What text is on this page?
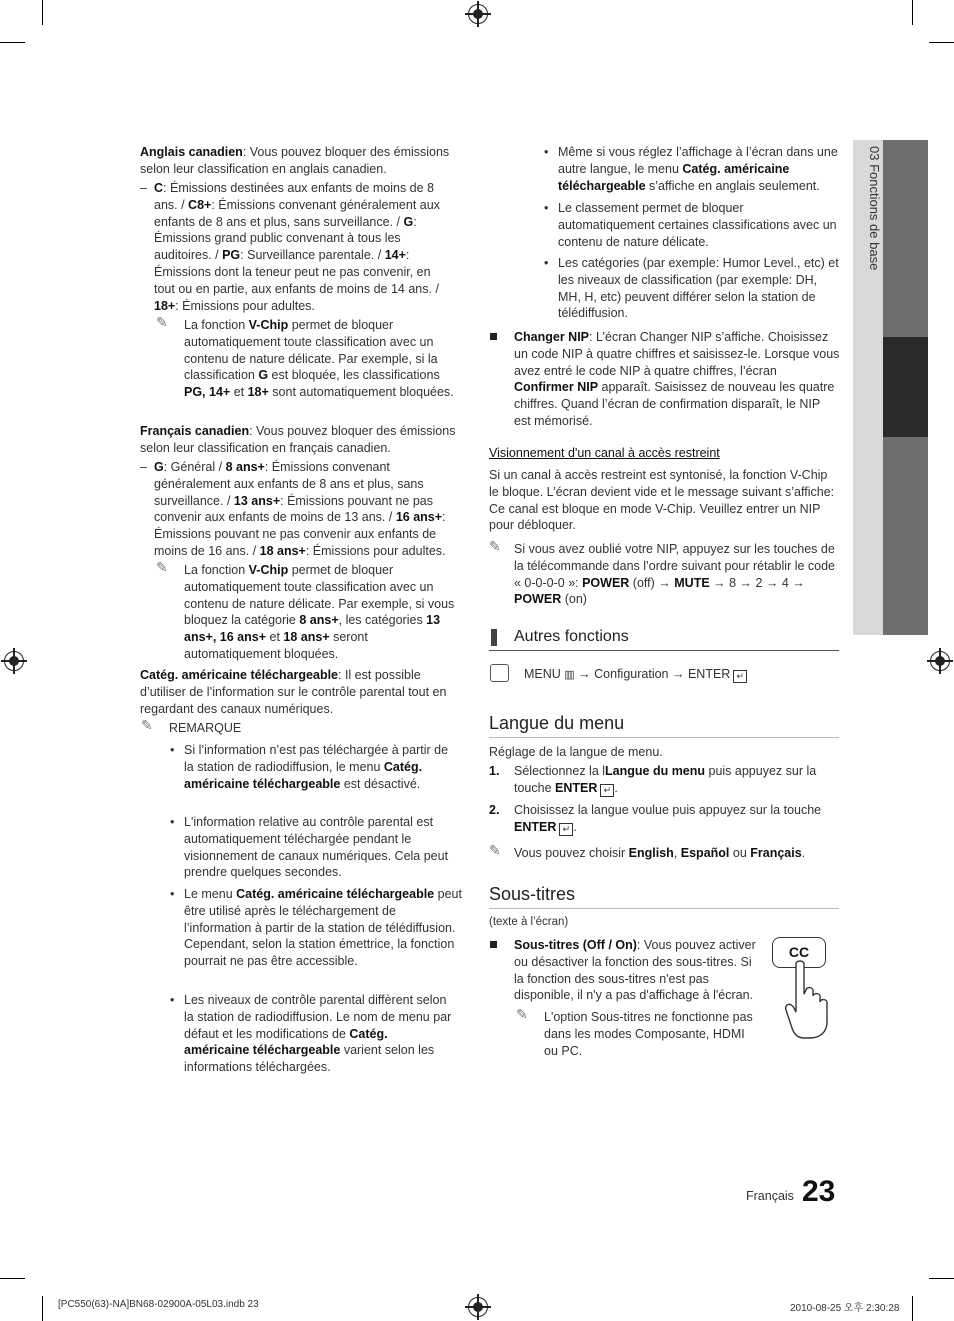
03 Fonctions de base
Anglais canadien: Vous pouvez bloquer des émissions selon leur classification en anglais canadien.
– C: Émissions destinées aux enfants de moins de 8 ans. / C8+: Émissions convenant généralement aux enfants de 8 ans et plus, sans surveillance. / G: Émissions grand public convenant à tous les auditoires. / PG: Surveillance parentale. / 14+: Émissions dont la teneur peut ne pas convenir, en tout ou en partie, aux enfants de moins de 14 ans. / 18+: Émissions pour adultes.
✎ La fonction V-Chip permet de bloquer automatiquement toute classification avec un contenu de nature délicate. Par exemple, si la classification G est bloquée, les classifications PG, 14+ et 18+ sont automatiquement bloquées.
Français canadien: Vous pouvez bloquer des émissions selon leur classification en français canadien.
– G: Général / 8 ans+: Émissions convenant généralement aux enfants de 8 ans et plus, sans surveillance. / 13 ans+: Émissions pouvant ne pas convenir aux enfants de moins de 13 ans. / 16 ans+: Émissions pouvant ne pas convenir aux enfants de moins de 16 ans. / 18 ans+: Émissions pour adultes.
✎ La fonction V-Chip permet de bloquer automatiquement toute classification avec un contenu de nature délicate. Par exemple, si vous bloquez la catégorie 8 ans+, les catégories 13 ans+, 16 ans+ et 18 ans+ seront automatiquement bloquées.
Catég. américaine téléchargeable: Il est possible d’utiliser de l’information sur le contrôle parental tout en regardant des canaux numériques.
✎ REMARQUE
• Si l’information n’est pas téléchargée à partir de la station de radiodiffusion, le menu Catég. américaine téléchargeable est désactivé.
• L'information relative au contrôle parental est automatiquement téléchargée pendant le visionnement de canaux numériques. Cela peut prendre quelques secondes.
• Le menu Catég. américaine téléchargeable peut être utilisé après le téléchargement de l’information à partir de la station de télédiffusion. Cependant, selon la station émettrice, la fonction pourrait ne pas être accessible.
• Les niveaux de contrôle parental diffèrent selon la station de radiodiffusion. Le nom de menu par défaut et les modifications de Catég. américaine téléchargeable varient selon les informations téléchargées.
• Même si vous réglez l’affichage à l’écran dans une autre langue, le menu Catég. américaine téléchargeable s’affiche en anglais seulement.
• Le classement permet de bloquer automatiquement certaines classifications avec un contenu de nature délicate.
• Les catégories (par exemple: Humor Level., etc) et les niveaux de classification (par exemple: DH, MH, H, etc) peuvent différer selon la station de télédiffusion.
Changer NIP: L’écran Changer NIP s’affiche. Choisissez un code NIP à quatre chiffres et saisissez-le. Lorsque vous avez entré le code NIP à quatre chiffres, l’écran Confirmer NIP apparaît. Saisissez de nouveau les quatre chiffres. Quand l’écran de confirmation disparaît, le NIP est mémorisé.
Visionnement d'un canal à accès restreint
Si un canal à accès restreint est syntonisé, la fonction V-Chip le bloque. L’écran devient vide et le message suivant s’affiche: Ce canal est bloque en mode V-Chip. Veuillez entrer un NIP pour débloquer.
✎ Si vous avez oublié votre NIP, appuyez sur les touches de la télécommande dans l’ordre suivant pour rétablir le code « 0-0-0-0 »: POWER (off) → MUTE → 8 → 2 → 4 → POWER (on)
Autres fonctions
MENU ▥ → Configuration → ENTER ↵
Langue du menu
Réglage de la langue de menu.
1. Sélectionnez la lLangue du menu puis appuyez sur la touche ENTER ↵ .
2. Choisissez la langue voulue puis appuyez sur la touche ENTER ↵ .
✎ Vous pouvez choisir English, Español ou Français.
Sous-titres
(texte à l’écran)
Sous-titres (Off / On): Vous pouvez activer ou désactiver la fonction des sous-titres. Si la fonction des sous-titres n'est pas disponible, il n'y a pas d'affichage à l'écran.
✎ L'option Sous-titres ne fonctionne pas dans les modes Composante, HDMI ou PC.
CC
Français 23
[PC550(63)-NA]BN68-02900A-05L03.indb 23	2010-08-25 오후 2:30:28
